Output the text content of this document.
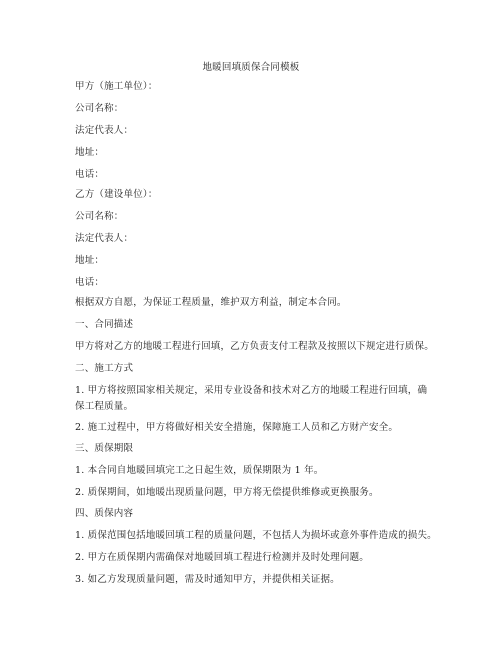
地暖回填质保合同模板
甲方（施工单位）：
公司名称：
法定代表人：
地址：
电话：
乙方（建设单位）：
公司名称：
法定代表人：
地址：
电话：
根据双方自愿，为保证工程质量，维护双方利益，制定本合同。
一、合同描述
甲方将对乙方的地暖工程进行回填，乙方负责支付工程款及按照以下规定进行质保。
二、施工方式
1. 甲方将按照国家相关规定，采用专业设备和技术对乙方的地暖工程进行回填，确保工程质量。
2. 施工过程中，甲方将做好相关安全措施，保障施工人员和乙方财产安全。
三、质保期限
1. 本合同自地暖回填完工之日起生效，质保期限为 1 年。
2. 质保期间，如地暖出现质量问题，甲方将无偿提供维修或更换服务。
四、质保内容
1. 质保范围包括地暖回填工程的质量问题，不包括人为损坏或意外事件造成的损失。
2. 甲方在质保期内需确保对地暖回填工程进行检测并及时处理问题。
3. 如乙方发现质量问题，需及时通知甲方，并提供相关证据。
